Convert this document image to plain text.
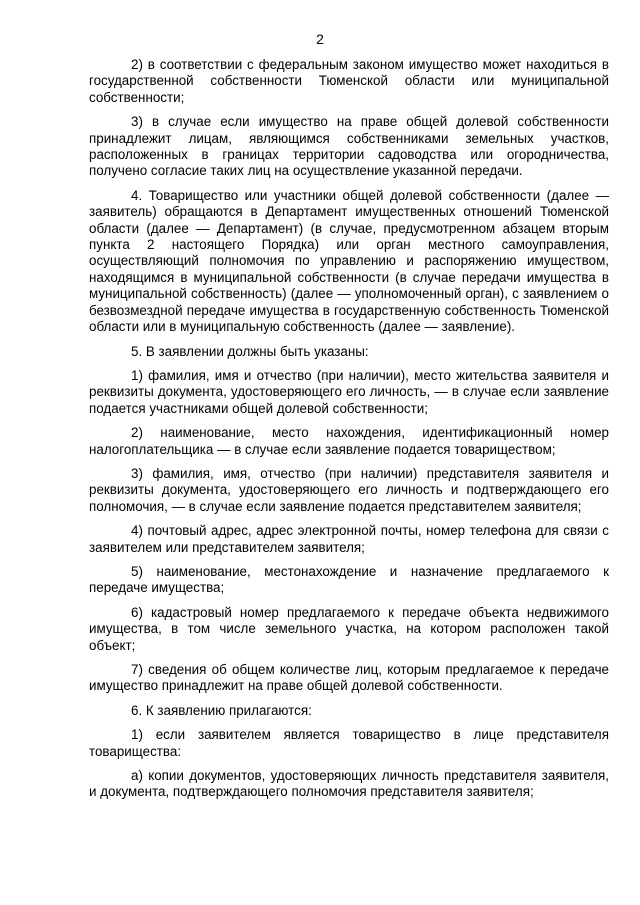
2

2) в соответствии с федеральным законом имущество может находиться в государственной собственности Тюменской области или муниципальной собственности;

3) в случае если имущество на праве общей долевой собственности принадлежит лицам, являющимся собственниками земельных участков, расположенных в границах территории садоводства или огородничества, получено согласие таких лиц на осуществление указанной передачи.

4. Товарищество или участники общей долевой собственности (далее — заявитель) обращаются в Департамент имущественных отношений Тюменской области (далее — Департамент) (в случае, предусмотренном абзацем вторым пункта 2 настоящего Порядка) или орган местного самоуправления, осуществляющий полномочия по управлению и распоряжению имуществом, находящимся в муниципальной собственности (в случае передачи имущества в муниципальной собственность) (далее — уполномоченный орган), с заявлением о безвозмездной передаче имущества в государственную собственность Тюменской области или в муниципальную собственность (далее — заявление).

5. В заявлении должны быть указаны:

1) фамилия, имя и отчество (при наличии), место жительства заявителя и реквизиты документа, удостоверяющего его личность, — в случае если заявление подается участниками общей долевой собственности;

2) наименование, место нахождения, идентификационный номер налогоплательщика — в случае если заявление подается товариществом;

3) фамилия, имя, отчество (при наличии) представителя заявителя и реквизиты документа, удостоверяющего его личность и подтверждающего его полномочия, — в случае если заявление подается представителем заявителя;

4) почтовый адрес, адрес электронной почты, номер телефона для связи с заявителем или представителем заявителя;

5) наименование, местонахождение и назначение предлагаемого к передаче имущества;

6) кадастровый номер предлагаемого к передаче объекта недвижимого имущества, в том числе земельного участка, на котором расположен такой объект;

7) сведения об общем количестве лиц, которым предлагаемое к передаче имущество принадлежит на праве общей долевой собственности.

6. К заявлению прилагаются:

1) если заявителем является товарищество в лице представителя товарищества:

а) копии документов, удостоверяющих личность представителя заявителя, и документа, подтверждающего полномочия представителя заявителя;
